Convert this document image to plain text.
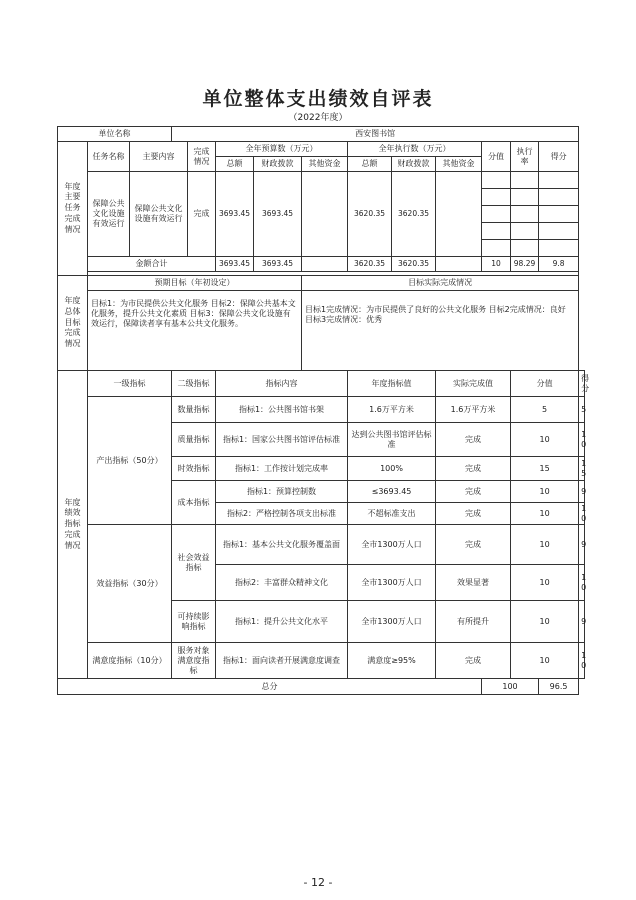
单位整体支出绩效自评表
（2022年度）
单位名称			西安图书馆											
年度主要任务完成情况	任务名称	主要内容		完成情况	全年预算数（万元）			全年执行数（万元）			分值	执行率	得分	
					总额	财政拨款	其他资金	总额	财政拨款	其他资金				
	保障公共文化设施有效运行	保障公共文化设施有效运行		完成	3693.45	3693.45		3620.35	3620.35					

	金额合计				3693.45	3693.45		3620.35	3620.35		10	98.29	9.8	

年度总体目标完成情况	预期目标（年初设定）						目标实际完成情况							
	目标1：为市民提供公共文化服务 目标2：保障公共基本文化服务，提升公共文化素质 目标3：保障公共文化设施有效运行，保障读者享有基本公共文化服务。						目标1完成情况：为市民提供了良好的公共文化服务 目标2完成情况：良好 目标3完成情况：优秀							
年度绩效指标完成情况	一级指标		二级指标		指标内容			年度指标值		实际完成值		分值		得分
	产出指标（50分）		数量指标		指标1：公共图书馆书架			1.6万平方米		1.6万平方米		5		5
			质量指标		指标1：国家公共图书馆评估标准			达到公共图书馆评估标准		完成		10		10
			时效指标		指标1：工作按计划完成率			100%		完成		15		15
			成本指标		指标1：预算控制数			≤3693.45		完成		10		9
					指标2：严格控制各项支出标准			不超标准支出		完成		10		10
	效益指标（30分）		社会效益指标		指标1：基本公共文化服务覆盖面			全市1300万人口		完成		10		9
					指标2：丰富群众精神文化			全市1300万人口		效果显著		10		10
			可持续影响指标		指标1：提升公共文化水平			全市1300万人口		有所提升		10		9
	满意度指标（10分）		服务对象满意度指标		指标1：面向读者开展满意度调查			满意度≥95%		完成		10		10
总分											100		96.5	
- 12 -
